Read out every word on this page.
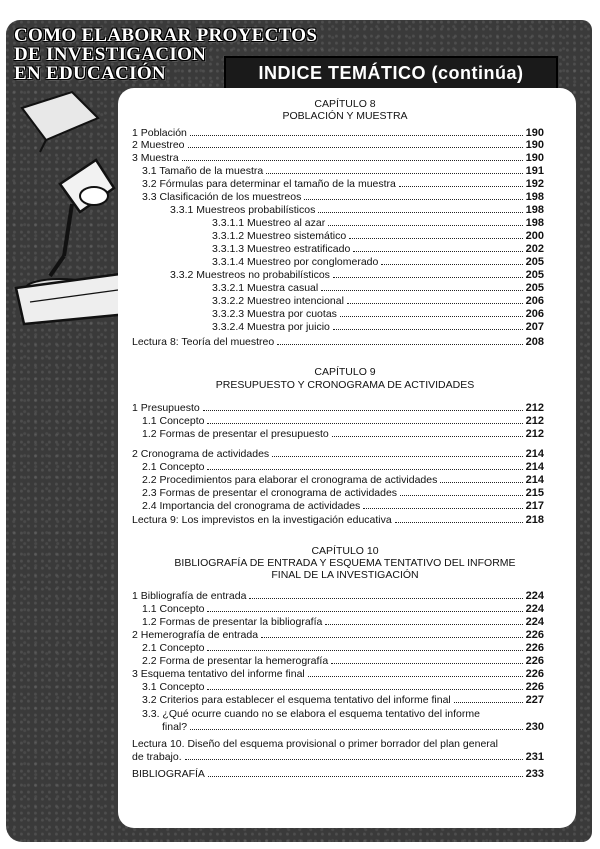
COMO ELABORAR PROYECTOS
DE INVESTIGACION
EN EDUCACIÓN	INDICE TEMÁTICO (continúa)
CAPÍTULO 8
POBLACIÓN Y MUESTRA
1 Población	190
2 Muestreo	190
3 Muestra	190
3.1 Tamaño de la muestra	191
3.2 Fórmulas para determinar el tamaño de la muestra	192
3.3 Clasificación de los muestreos	198
3.3.1 Muestreos probabilísticos	198
3.3.1.1 Muestreo al azar	198
3.3.1.2 Muestreo sistemático	200
3.3.1.3 Muestreo estratificado	202
3.3.1.4 Muestreo por conglomerado	205
3.3.2 Muestreos no probabilísticos	205
3.3.2.1 Muestra casual	205
3.3.2.2 Muestreo intencional	206
3.3.2.3 Muestra por cuotas	206
3.3.2.4 Muestra por juicio	207
Lectura 8: Teoría del muestreo	208
CAPÍTULO 9
PRESUPUESTO Y CRONOGRAMA DE ACTIVIDADES
1 Presupuesto	212
1.1 Concepto	212
1.2 Formas de presentar el presupuesto	212
2 Cronograma de actividades	214
2.1 Concepto	214
2.2 Procedimientos para elaborar el cronograma de actividades	214
2.3 Formas de presentar el cronograma de actividades	215
2.4 Importancia del cronograma de actividades	217
Lectura 9: Los imprevistos en la investigación educativa	218
CAPÍTULO 10
BIBLIOGRAFÍA DE ENTRADA Y ESQUEMA TENTATIVO DEL INFORME
FINAL DE LA INVESTIGACIÓN
1 Bibliografía de entrada	224
1.1 Concepto	224
1.2 Formas de presentar la bibliografía	224
2 Hemerografía de entrada	226
2.1 Concepto	226
2.2 Forma de presentar la hemerografía	226
3 Esquema tentativo del informe final	226
3.1 Concepto	226
3.2 Criterios para establecer el esquema tentativo del informe final	227
3.3. ¿Qué ocurre cuando no se elabora el esquema tentativo del informe
final?	230
Lectura 10. Diseño del esquema provisional o primer borrador del plan general
de trabajo.	231
BIBLIOGRAFÍA	233
